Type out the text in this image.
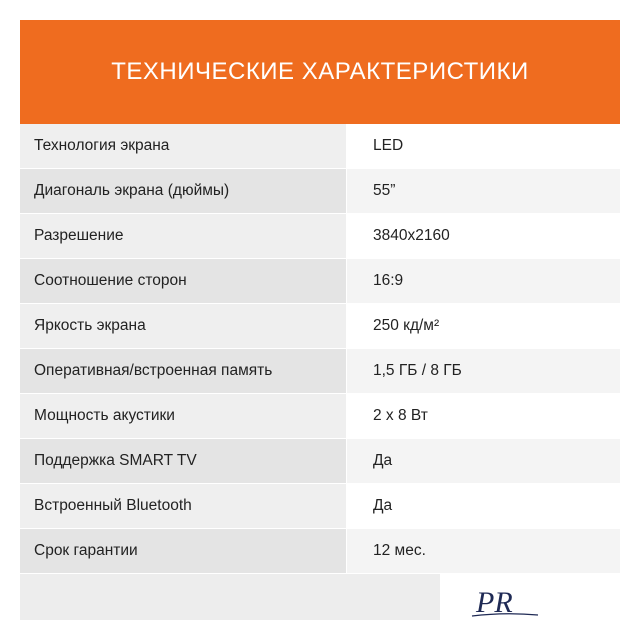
ТЕХНИЧЕСКИЕ ХАРАКТЕРИСТИКИ
Технология экрана	LED
Диагональ экрана (дюймы)	55”
Разрешение	3840x2160
Соотношение сторон	16:9
Яркость экрана	250 кд/м²
Оперативная/встроенная память	1,5 ГБ / 8 ГБ
Мощность акустики	2 x 8 Вт
Поддержка SMART TV	Да
Встроенный Bluetooth	Да
Срок гарантии	12 мес.
PR
